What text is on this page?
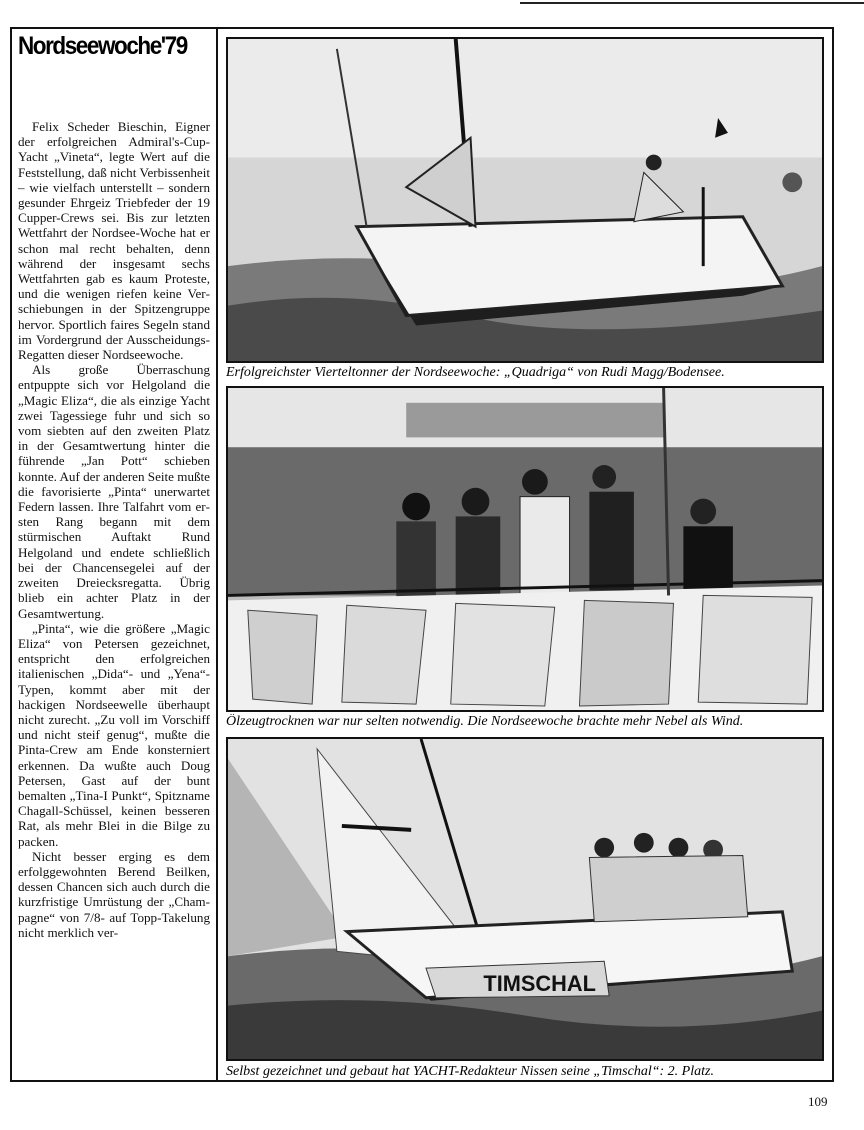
Nordseewoche'79

Felix Scheder Bieschin, Eigner der erfolgreichen Admiral's-Cup-Yacht „Vineta“, legte Wert auf die Feststellung, daß nicht Verbissenheit – wie vielfach unterstellt – sondern gesunder Ehrgeiz Triebfeder der 19 Cupper-Crews sei. Bis zur letzten Wettfahrt der Nordsee-Woche hat er schon mal recht behalten, denn während der insgesamt sechs Wettfahrten gab es kaum Proteste, und die wenigen riefen keine Verschiebungen in der Spitzengruppe hervor. Sportlich faires Segeln stand im Vordergrund der Ausscheidungs-Regatten dieser Nordseewoche.

Als große Überraschung entpuppte sich vor Helgoland die „Magic Eliza“, die als einzige Yacht zwei Tagessiege fuhr und sich so vom siebten auf den zweiten Platz in der Gesamtwertung hinter die führende „Jan Pott“ schieben konnte. Auf der anderen Seite mußte die favorisierte „Pinta“ unerwartet Federn lassen. Ihre Talfahrt vom ersten Rang begann mit dem stürmischen Auftakt Rund Helgoland und endete schließlich bei der Chancensegelei auf der zweiten Dreiecksregatta. Übrig blieb ein achter Platz in der Gesamtwertung.

„Pinta“, wie die größere „Magic Eliza“ von Petersen gezeichnet, entspricht den erfolgreichen italienischen „Dida“- und „Yena“-Typen, kommt aber mit der hackigen Nordseewelle überhaupt nicht zurecht. „Zu voll im Vorschiff und nicht steif genug“, mußte die Pinta-Crew am Ende konsterniert erkennen. Da wußte auch Doug Petersen, Gast auf der bunt bemalten „Tina-I Punkt“, Spitzname Chagall-Schüssel, keinen besseren Rat, als mehr Blei in die Bilge zu packen.

Nicht besser erging es dem erfolggewohnten Berend Beilken, dessen Chancen sich auch durch die kurzfristige Umrüstung der „Champagne“ von 7/8- auf Topp-Takelung nicht merklich ver-

Erfolgreichster Vierteltonner der Nordseewoche: „Quadriga“ von Rudi Magg/Bodensee.
Ölzeugtrocknen war nur selten notwendig. Die Nordseewoche brachte mehr Nebel als Wind.
TIMSCHAL
Selbst gezeichnet und gebaut hat YACHT-Redakteur Nissen seine „Timschal“: 2. Platz.
109
